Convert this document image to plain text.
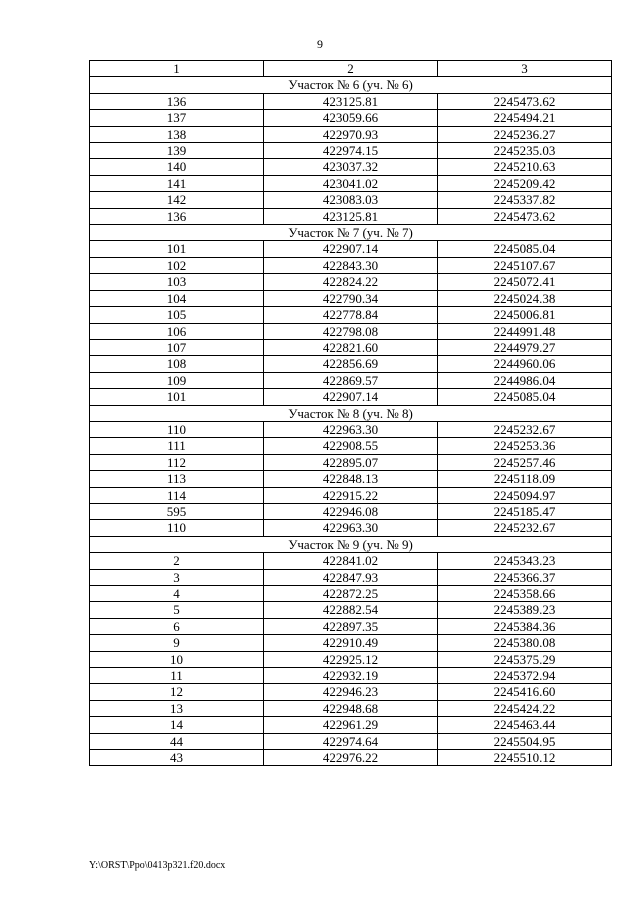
9
1	2	3
Участок № 6 (уч. № 6)		
136	423125.81	2245473.62
137	423059.66	2245494.21
138	422970.93	2245236.27
139	422974.15	2245235.03
140	423037.32	2245210.63
141	423041.02	2245209.42
142	423083.03	2245337.82
136	423125.81	2245473.62
Участок № 7 (уч. № 7)		
101	422907.14	2245085.04
102	422843.30	2245107.67
103	422824.22	2245072.41
104	422790.34	2245024.38
105	422778.84	2245006.81
106	422798.08	2244991.48
107	422821.60	2244979.27
108	422856.69	2244960.06
109	422869.57	2244986.04
101	422907.14	2245085.04
Участок № 8 (уч. № 8)		
110	422963.30	2245232.67
111	422908.55	2245253.36
112	422895.07	2245257.46
113	422848.13	2245118.09
114	422915.22	2245094.97
595	422946.08	2245185.47
110	422963.30	2245232.67
Участок № 9 (уч. № 9)		
2	422841.02	2245343.23
3	422847.93	2245366.37
4	422872.25	2245358.66
5	422882.54	2245389.23
6	422897.35	2245384.36
9	422910.49	2245380.08
10	422925.12	2245375.29
11	422932.19	2245372.94
12	422946.23	2245416.60
13	422948.68	2245424.22
14	422961.29	2245463.44
44	422974.64	2245504.95
43	422976.22	2245510.12
Y:\ORST\Ppo\0413p321.f20.docx
